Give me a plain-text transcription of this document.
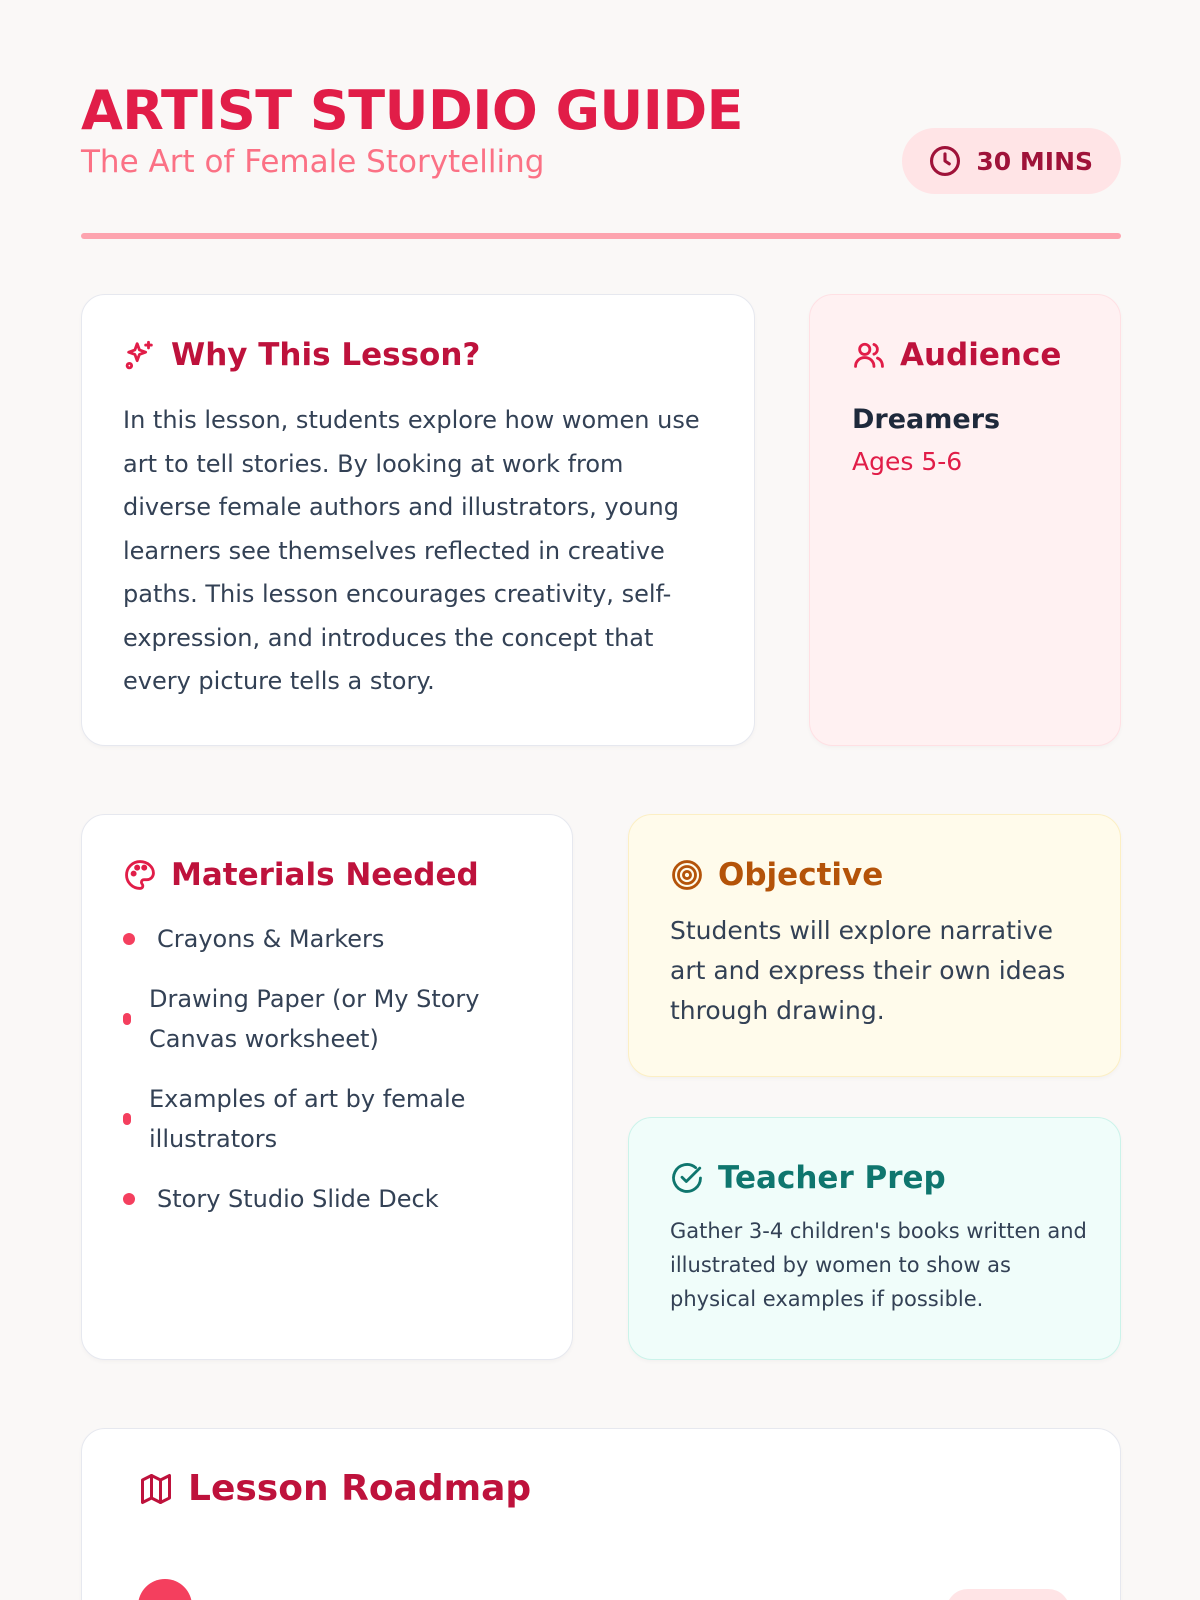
ARTIST STUDIO GUIDE
The Art of Female Storytelling	30 MINS
Why This Lesson?

In this lesson, students explore how women use art to tell stories. By looking at work from diverse female authors and illustrators, young learners see themselves reflected in creative paths. This lesson encourages creativity, self-expression, and introduces the concept that every picture tells a story.

Audience
Dreamers
Ages 5-6
Materials Needed
Crayons & Markers
Drawing Paper (or My Story Canvas worksheet)
Examples of art by female illustrators
Story Studio Slide Deck
Objective

Students will explore narrative art and express their own ideas through drawing.

Teacher Prep

Gather 3-4 children's books written and illustrated by women to show as physical examples if possible.

Lesson Roadmap
